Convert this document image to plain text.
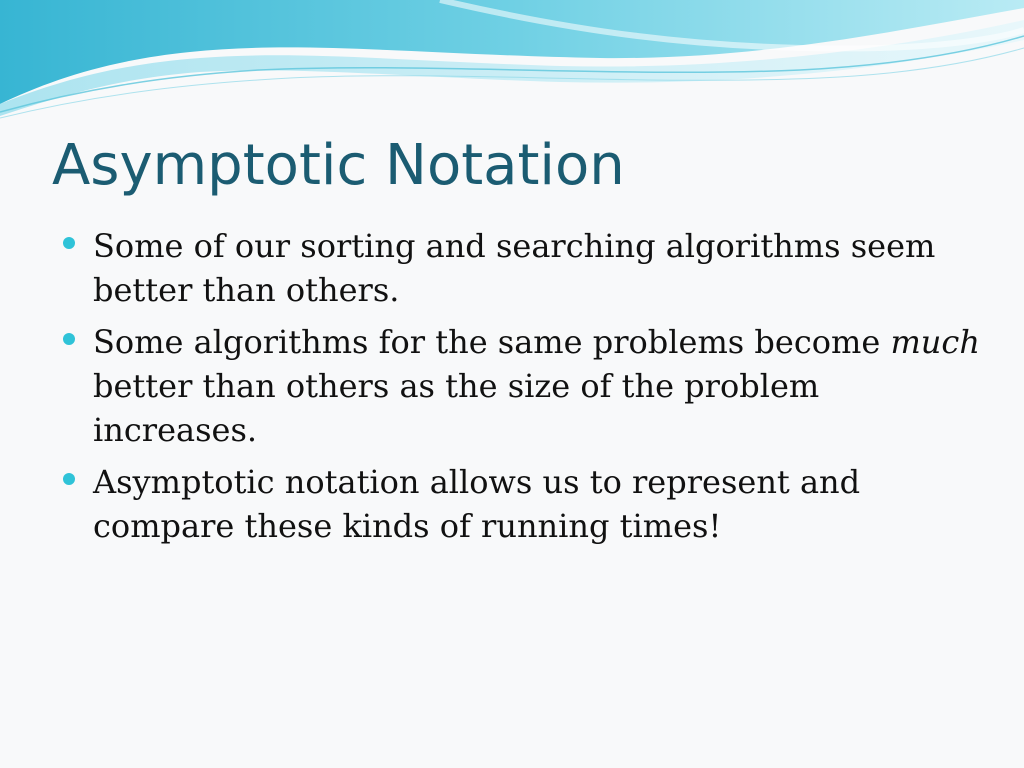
Asymptotic Notation
Some of our sorting and searching algorithms seem better than others.
Some algorithms for the same problems become much better than others as the size of the problem increases.
Asymptotic notation allows us to represent and compare these kinds of running times!
